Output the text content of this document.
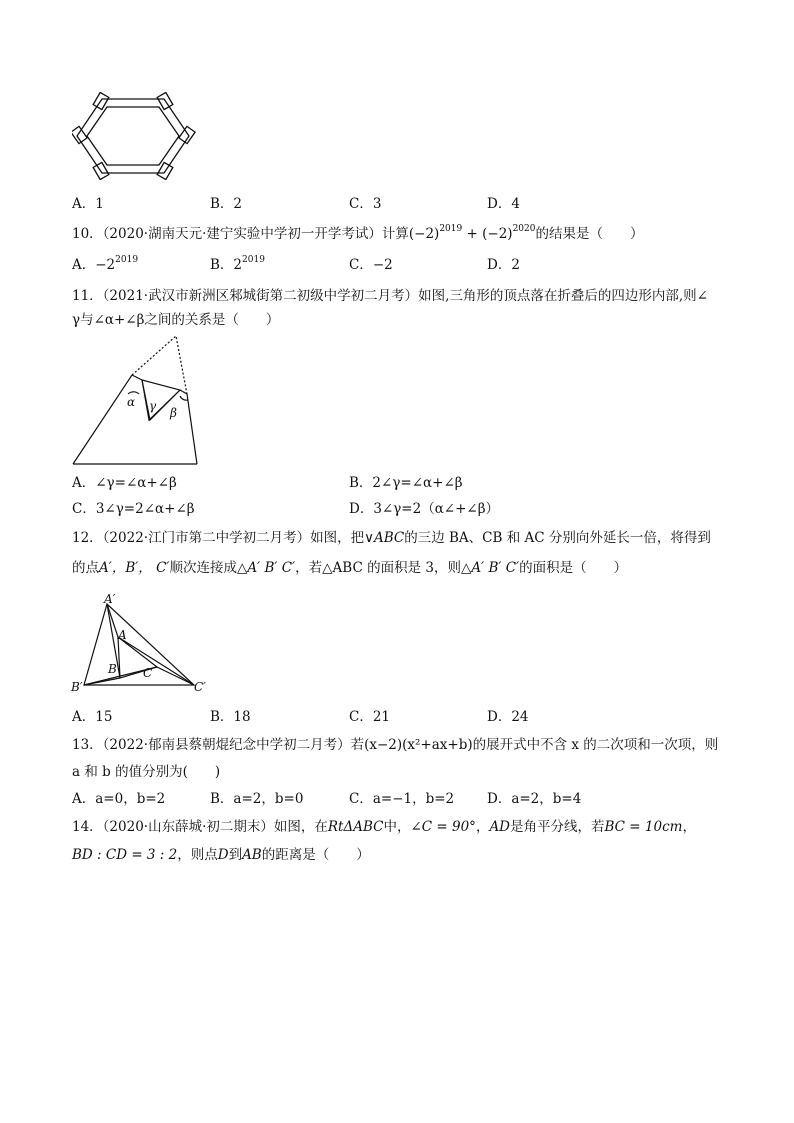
A．1	B．2	C．3	D．4
10．（2020·湖南天元·建宁实验中学初一开学考试）计算$(-2)^{2019} + (-2)^{2020}$的结果是（　　）
A．$-2^{2019}$	B．$2^{2019}$	C．−2	D．2
11．（2021·武汉市新洲区邾城街第二初级中学初二月考）如图,三角形的顶点落在折叠后的四边形内部,则∠
γ与∠α+∠β之间的关系是（　　）
α γ β
A．∠γ=∠α+∠β	B．2∠γ=∠α+∠β
C．3∠γ=2∠α+∠β	D．3∠γ=2（α∠+∠β）
12．（2022·江门市第二中学初二月考）如图，把∨ABC的三边 BA、CB 和 AC 分别向外延长一倍，将得到
的点A′，B′， C′顺次连接成△A′ B′ C′，若△ABC 的面积是 3，则△A′ B′ C′的面积是（　　）
A′
A
B C
B′	C′
A．15	B．18	C．21	D．24
13．（2022·郁南县蔡朝焜纪念中学初二月考）若(x−2)(x²+ax+b)的展开式中不含 x 的二次项和一次项，则
a 和 b 的值分别为(　　)
A．a=0，b=2	B．a=2，b=0	C．a=−1，b=2 D．a=2，b=4
14．（2020·山东薛城·初二期末）如图，在RtΔABC中，∠C = 90°，AD是角平分线，若BC = 10cm，
BD : CD = 3 : 2，则点D到AB的距离是（　　）
